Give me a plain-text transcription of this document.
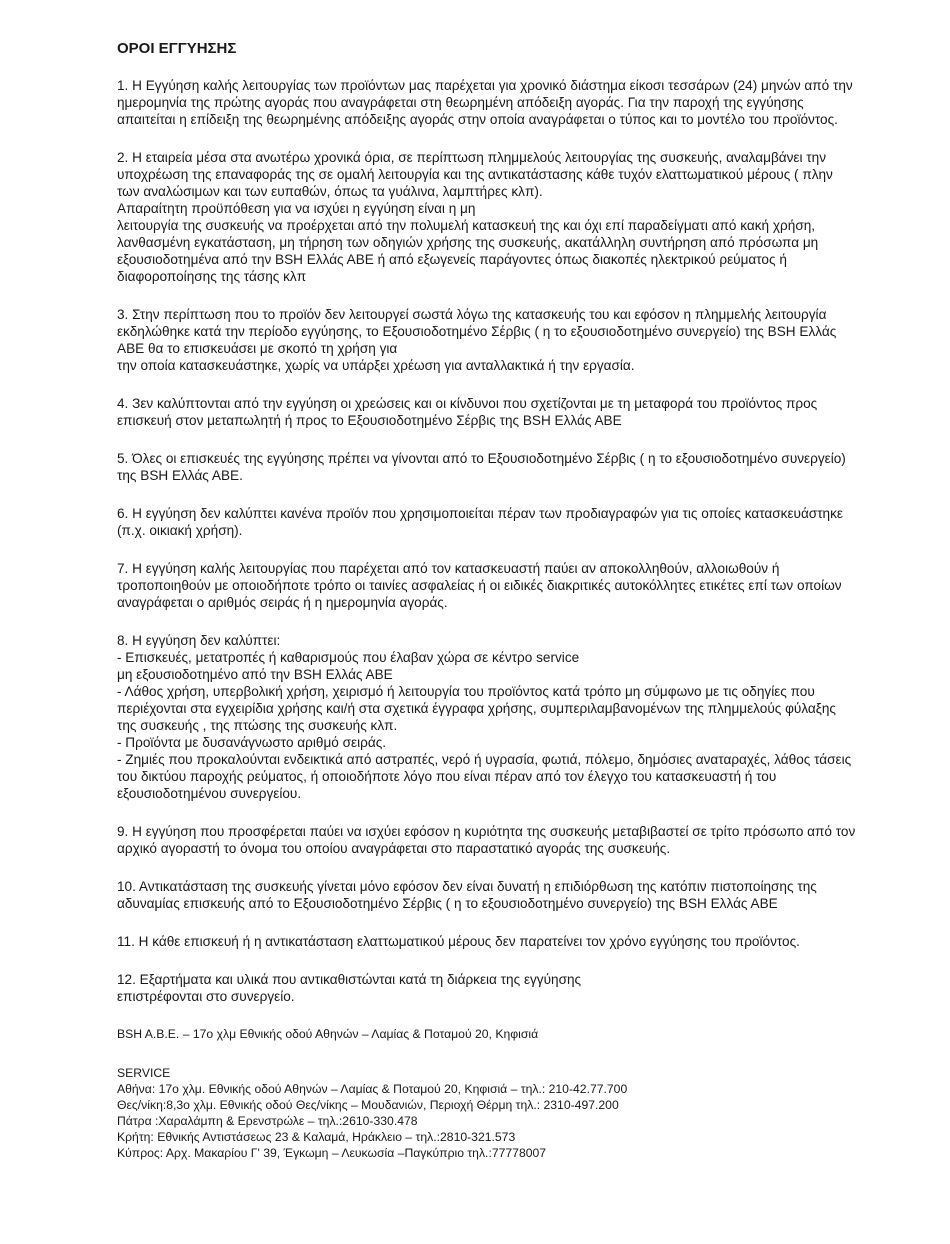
ΟΡΟΙ ΕΓΓΥΗΣΗΣ
1. Η Εγγύηση καλής λειτουργίας των προϊόντων μας παρέχεται για χρονικό διάστημα είκοσι τεσσάρων (24) μηνών από την ημερομηνία της πρώτης αγοράς που αναγράφεται στη θεωρημένη απόδειξη αγοράς. Για την παροχή της εγγύησης απαιτείται η επίδειξη της θεωρημένης απόδειξης αγοράς στην οποία αναγράφεται ο τύπος και το μοντέλο του προϊόντος.
2. Η εταιρεία μέσα στα ανωτέρω χρονικά όρια, σε περίπτωση πλημμελούς λειτουργίας της συσκευής, αναλαμβάνει την υποχρέωση της επαναφοράς της σε ομαλή λειτουργία και της αντικατάστασης κάθε τυχόν ελαττωματικού μέρους ( πλην των αναλώσιμων και των ευπαθών, όπως τα γυάλινα, λαμπτήρες κλπ).
Απαραίτητη προϋπόθεση για να ισχύει η εγγύηση είναι η μη
λειτουργία της συσκευής να προέρχεται από την πολυμελή κατασκευή της και όχι επί παραδείγματι από κακή χρήση, λανθασμένη εγκατάσταση, μη τήρηση των οδηγιών χρήσης της συσκευής, ακατάλληλη συντήρηση από πρόσωπα μη εξουσιοδοτημένα από την BSH Ελλάς ΑΒΕ ή από εξωγενείς παράγοντες όπως διακοπές ηλεκτρικού ρεύματος ή διαφοροποίησης της τάσης κλπ
3. Στην περίπτωση που το προϊόν δεν λειτουργεί σωστά λόγω της κατασκευής του και εφόσον η πλημμελής λειτουργία εκδηλώθηκε κατά την περίοδο εγγύησης, το Εξουσιοδοτημένο Σέρβις ( η το εξουσιοδοτημένο συνεργείο) της BSH Ελλάς ΑΒΕ θα το επισκευάσει με σκοπό τη χρήση για
την οποία κατασκευάστηκε, χωρίς να υπάρξει χρέωση για ανταλλακτικά ή την εργασία.
4. Зεν καλύπτονται από την εγγύηση οι χρεώσεις και οι κίνδυνοι που σχετίζονται με τη μεταφορά του προϊόντος προς επισκευή στον μεταπωλητή ή προς το Εξουσιοδοτημένο Σέρβις της BSH Ελλάς ΑΒΕ
5. Όλες οι επισκευές της εγγύησης πρέπει να γίνονται από το Εξουσιοδοτημένο Σέρβις ( η το εξουσιοδοτημένο συνεργείο) της BSH Ελλάς ΑΒΕ.
6. Η εγγύηση δεν καλύπτει κανένα προϊόν που χρησιμοποιείται πέραν των προδιαγραφών για τις οποίες κατασκευάστηκε (π.χ. οικιακή χρήση).
7. Η εγγύηση καλής λειτουργίας που παρέχεται από τον κατασκευαστή παύει αν αποκολληθούν, αλλοιωθούν ή τροποποιηθούν με οποιοδήποτε τρόπο οι ταινίες ασφαλείας ή οι ειδικές διακριτικές αυτοκόλλητες ετικέτες επί των οποίων αναγράφεται ο αριθμός σειράς ή η ημερομηνία αγοράς.
8. Η εγγύηση δεν καλύπτει:
- Επισκευές, μετατροπές ή καθαρισμούς που έλαβαν χώρα σε κέντρο service
μη εξουσιοδοτημένο από την BSH Ελλάς ΑΒΕ
- Λάθος χρήση, υπερβολική χρήση, χειρισμό ή λειτουργία του προϊόντος κατά τρόπο μη σύμφωνο με τις οδηγίες που περιέχονται στα εγχειρίδια χρήσης και/ή στα σχετικά έγγραφα χρήσης, συμπεριλαμβανομένων της πλημμελούς φύλαξης της συσκευής , της πτώσης της συσκευής κλπ.
- Προϊόντα με δυσανάγνωστο αριθμό σειράς.
- Ζημιές που προκαλούνται ενδεικτικά από αστραπές, νερό ή υγρασία, φωτιά, πόλεμο, δημόσιες αναταραχές, λάθος τάσεις του δικτύου παροχής ρεύματος, ή οποιοδήποτε λόγο που είναι πέραν από τον έλεγχο του κατασκευαστή ή του εξουσιοδοτημένου συνεργείου.
9. Η εγγύηση που προσφέρεται παύει να ισχύει εφόσον η κυριότητα της συσκευής μεταβιβαστεί σε τρίτο πρόσωπο από τον αρχικό αγοραστή το όνομα του οποίου αναγράφεται στο παραστατικό αγοράς της συσκευής.
10. Αντικατάσταση της συσκευής γίνεται μόνο εφόσον δεν είναι δυνατή η επιδιόρθωση της κατόπιν πιστοποίησης της αδυναμίας επισκευής από το Εξουσιοδοτημένο Σέρβις ( η το εξουσιοδοτημένο συνεργείο) της BSH Ελλάς ΑΒΕ
11. Η κάθε επισκευή ή η αντικατάσταση ελαττωματικού μέρους δεν παρατείνει τον χρόνο εγγύησης του προϊόντος.
12. Εξαρτήματα και υλικά που αντικαθιστώνται κατά τη διάρκεια της εγγύησης
επιστρέφονται στο συνεργείο.
BSH A.B.E. – 17ο χλμ Εθνικής οδού Αθηνών – Λαμίας & Ποταμού 20, Κηφισιά
SERVICE
Αθήνα: 17ο χλμ. Εθνικής οδού Αθηνών – Λαμίας & Ποταμού 20, Κηφισιά – τηλ.: 210-42.77.700
Θες/νίκη:8,3ο χλμ. Εθνικής οδού Θες/νίκης – Μουδανιών, Περιοχή Θέρμη τηλ.: 2310-497.200
Πάτρα :Χαραλάμπη & Ερενστρώλε – τηλ.:2610-330.478
Κρήτη: Εθνικής Αντιστάσεως 23 & Καλαμά, Ηράκλειο – τηλ.:2810-321.573
Κύπρος: Αρχ. Μακαρίου Γ' 39, Έγκωμη – Λευκωσία –Παγκύπριο τηλ.:77778007
